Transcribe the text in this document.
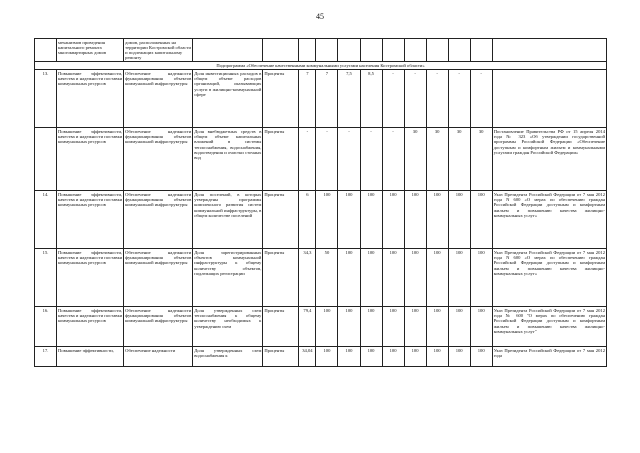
45
	механизмов проведения капитального ремонта многоквартирных домов	домов, расположенных на территории Костромской области и подлежащих капитальному ремонту												
Подпрограмма «Обеспечение качественными коммунальными услугами населения Костромской области»														
13.	Повышение эффективности, качества и надежности поставки коммунальных ресурсов	Обеспечение надежности функционирования объектов коммунальной инфраструктуры	Доля инвестиционных расходов в общем объеме расходов организаций, оказывающих услуги в жилищно-коммунальной сфере	Проценты	7	7	7,5	8,5	-	-	-	-	-	
	Повышение эффективности, качества и надежности поставки коммунальных ресурсов	Обеспечение надежности функционирования объектов коммунальной инфраструктуры	Доля внебюджетных средств в общем объеме капитальных вложений в системы теплоснабжения, водоснабжения, водоотведения и очистки сточных вод	Проценты	-	-	-	-	-	30	30	30	30	Постановление Правительства РФ от 15 апреля 2014 года № 323 «Об утверждении государственной программы Российской Федерации «Обеспечение доступным и комфортным жильем и коммунальными услугами граждан Российской Федерации»
14.	Повышение эффективности, качества и надежности поставки коммунальных ресурсов	Обеспечение надежности функционирования объектов коммунальной инфраструктуры	Доля поселений, в которых утверждены программы комплексного развития систем коммунальной инфраструктуры, в общем количестве поселений	Проценты	6	100	100	100	100	100	100	100	100	Указ Президента Российской Федерации от 7 мая 2012 года N 600 «О мерах по обеспечению граждан Российской Федерации доступным и комфортным жильем и повышению качества жилищно-коммунальных услуг»
15.	Повышение эффективности, качества и надежности поставки коммунальных ресурсов	Обеспечение надежности функционирования объектов коммунальной инфраструктуры	Доля зарегистрированных объектов коммунальной инфраструктуры к общему количеству объектов, подлежащих регистрации	Проценты	34,3	50	100	100	100	100	100	100	100	Указ Президента Российской Федерации от 7 мая 2012 года N 600 «О мерах по обеспечению граждан Российской Федерации доступным и комфортным жильем и повышению качества жилищно-коммунальных услуг»
16.	Повышение эффективности, качества и надежности поставки коммунальных ресурсов	Обеспечение надежности функционирования объектов коммунальной инфраструктуры	Доля утвержденных схем теплоснабжения к общему количеству необходимых к утверждению схем	Проценты	79,4	100	100	100	100	100	100	100	100	Указ Президента Российской Федерации от 7 мая 2012 года № 600 "О мерах по обеспечению граждан Российской Федерации доступным и комфортным жильем и повышению качества жилищно-коммунальных услуг"
17.	Повышение эффективности,	Обеспечение надежности	Доля утвержденных схем водоснабжения к	Проценты	34,04	100	100	100	100	100	100	100	100	Указ Президента Российской Федерации от 7 мая 2012 года
